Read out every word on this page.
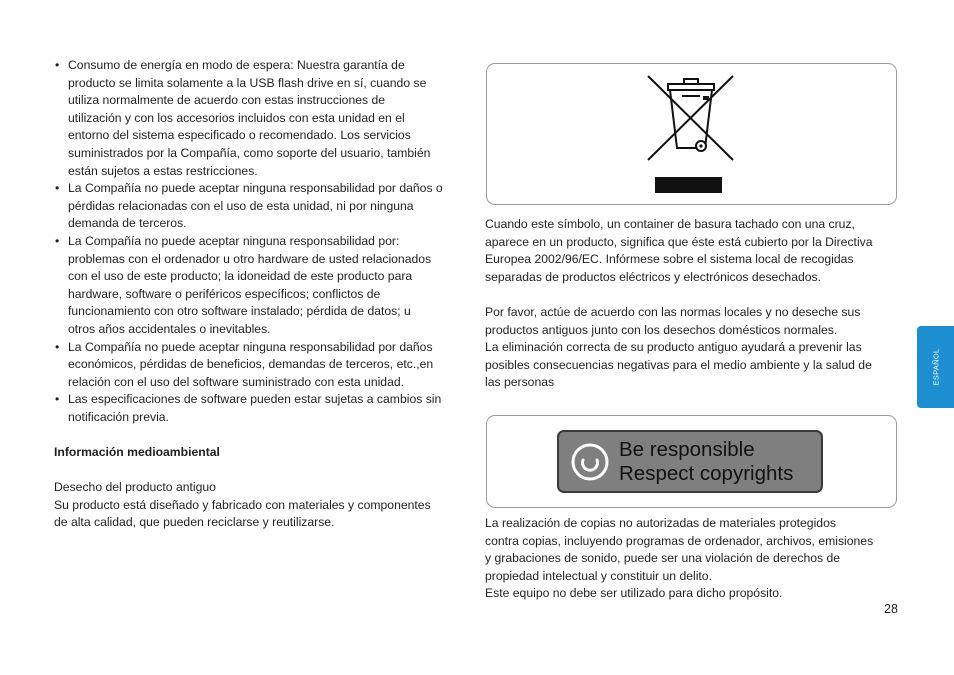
• Consumo de energía en modo de espera: Nuestra garantía de
producto se limita solamente a la USB flash drive en sí, cuando se
utiliza normalmente de acuerdo con estas instrucciones de
utilización y con los accesorios incluidos con esta unidad en el
entorno del sistema especificado o recomendado. Los servicios
suministrados por la Compañía, como soporte del usuario, también
están sujetos a estas restricciones.
• La Compañía no puede aceptar ninguna responsabilidad por daños o
pérdidas relacionadas con el uso de esta unidad, ni por ninguna
demanda de terceros.
• La Compañía no puede aceptar ninguna responsabilidad por:
problemas con el ordenador u otro hardware de usted relacionados
con el uso de este producto; la idoneidad de este producto para
hardware, software o periféricos específicos; conflictos de
funcionamiento con otro software instalado; pérdida de datos; u
otros años accidentales o inevitables.
• La Compañía no puede aceptar ninguna responsabilidad por daños
económicos, pérdidas de beneficios, demandas de terceros, etc.,en
relación con el uso del software suministrado con esta unidad.
• Las especificaciones de software pueden estar sujetas a cambios sin
notificación previa.
Información medioambiental
Desecho del producto antiguo
Su producto está diseñado y fabricado con materiales y componentes
de alta calidad, que pueden reciclarse y reutilizarse.
Cuando este símbolo, un container de basura tachado con una cruz,
aparece en un producto, significa que éste está cubierto por la Directiva
Europea 2002/96/EC. Infórmese sobre el sistema local de recogidas
separadas de productos eléctricos y electrónicos desechados.
Por favor, actúe de acuerdo con las normas locales y no deseche sus
productos antiguos junto con los desechos domésticos normales.
La eliminación correcta de su producto antiguo ayudará a prevenir las
posibles consecuencias negativas para el medio ambiente y la salud de
las personas
Be responsible
Respect copyrights
La realización de copias no autorizadas de materiales protegidos
contra copias, incluyendo programas de ordenador, archivos, emisiones
y grabaciones de sonido, puede ser una violación de derechos de
propiedad intelectual y constituir un delito.
Este equipo no debe ser utilizado para dicho propósito.
ESPAÑOL
28
